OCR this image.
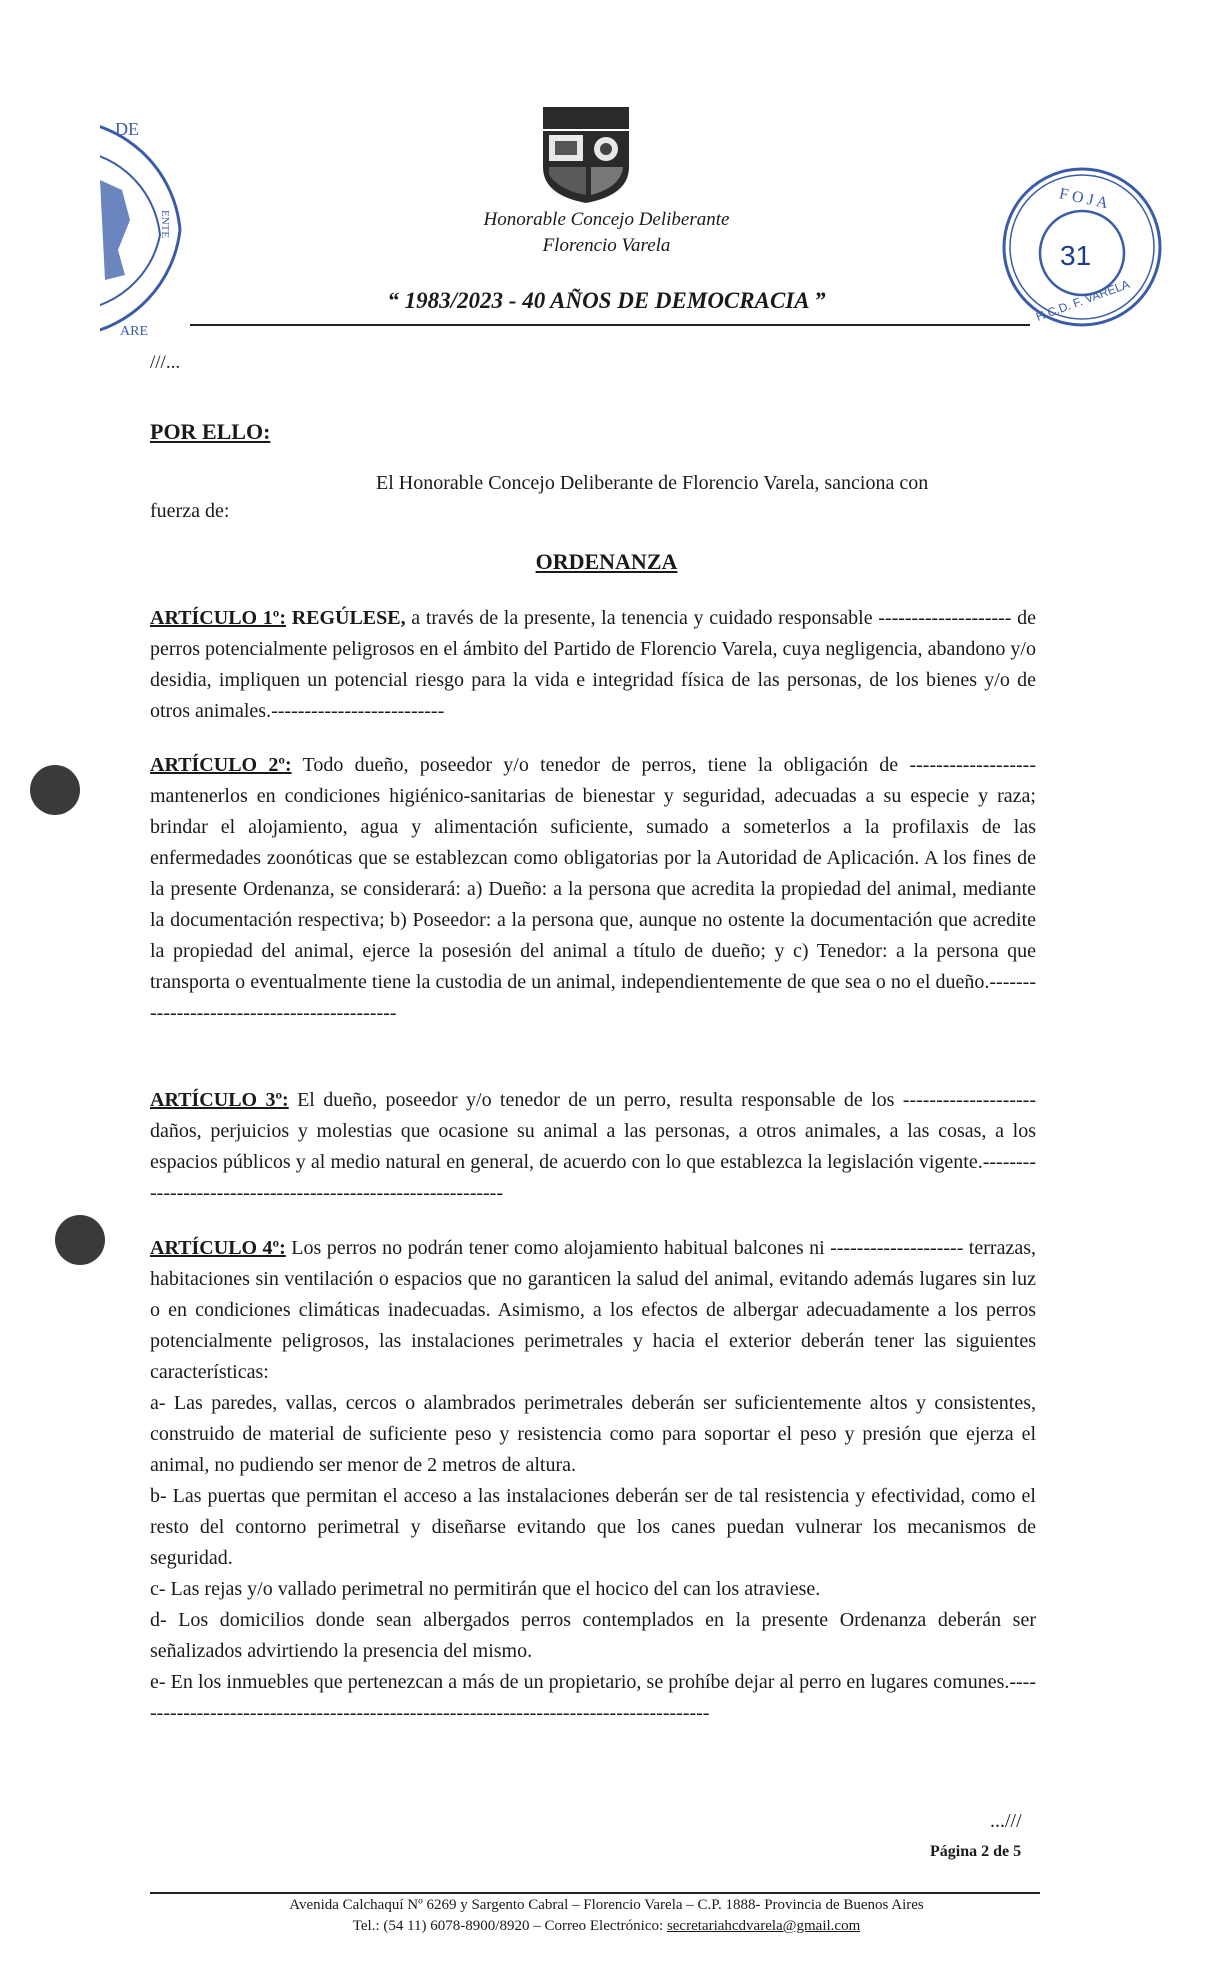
DE
ENTE
ARE
Honorable Concejo Deliberante
Florencio Varela
“ 1983/2023 - 40 AÑOS DE DEMOCRACIA ”
F O J A
31
H.C.D. F. VARELA
///...
POR ELLO:
El Honorable Concejo Deliberante de Florencio Varela, sanciona con
fuerza de:
ORDENANZA
ARTÍCULO 1º: REGÚLESE, a través de la presente, la tenencia y cuidado responsable -------------------- de perros potencialmente peligrosos en el ámbito del Partido de Florencio Varela, cuya negligencia, abandono y/o desidia, impliquen un potencial riesgo para la vida e integridad física de las personas, de los bienes y/o de otros animales.--------------------------
ARTÍCULO 2º: Todo dueño, poseedor y/o tenedor de perros, tiene la obligación de ------------------- mantenerlos en condiciones higiénico-sanitarias de bienestar y seguridad, adecuadas a su especie y raza; brindar el alojamiento, agua y alimentación suficiente, sumado a someterlos a la profilaxis de las enfermedades zoonóticas que se establezcan como obligatorias por la Autoridad de Aplicación. A los fines de la presente Ordenanza, se considerará: a) Dueño: a la persona que acredita la propiedad del animal, mediante la documentación respectiva; b) Poseedor: a la persona que, aunque no ostente la documentación que acredite la propiedad del animal, ejerce la posesión del animal a título de dueño; y c) Tenedor: a la persona que transporta o eventualmente tiene la custodia de un animal, independientemente de que sea o no el dueño.--------------------------------------------
ARTÍCULO 3º: El dueño, poseedor y/o tenedor de un perro, resulta responsable de los -------------------- daños, perjuicios y molestias que ocasione su animal a las personas, a otros animales, a las cosas, a los espacios públicos y al medio natural en general, de acuerdo con lo que establezca la legislación vigente.-------------------------------------------------------------
ARTÍCULO 4º: Los perros no podrán tener como alojamiento habitual balcones ni -------------------- terrazas, habitaciones sin ventilación o espacios que no garanticen la salud del animal, evitando además lugares sin luz o en condiciones climáticas inadecuadas. Asimismo, a los efectos de albergar adecuadamente a los perros potencialmente peligrosos, las instalaciones perimetrales y hacia el exterior deberán tener las siguientes características:
a- Las paredes, vallas, cercos o alambrados perimetrales deberán ser suficientemente altos y consistentes, construido de material de suficiente peso y resistencia como para soportar el peso y presión que ejerza el animal, no pudiendo ser menor de 2 metros de altura.
b- Las puertas que permitan el acceso a las instalaciones deberán ser de tal resistencia y efectividad, como el resto del contorno perimetral y diseñarse evitando que los canes puedan vulnerar los mecanismos de seguridad.
c- Las rejas y/o vallado perimetral no permitirán que el hocico del can los atraviese.
d- Los domicilios donde sean albergados perros contemplados en la presente Ordenanza deberán ser señalizados advirtiendo la presencia del mismo.
e- En los inmuebles que pertenezcan a más de un propietario, se prohíbe dejar al perro en lugares comunes.----------------------------------------------------------------------------------------
...///
Página 2 de 5
Avenida Calchaquí Nº 6269 y Sargento Cabral – Florencio Varela – C.P. 1888- Provincia de Buenos Aires
Tel.: (54 11) 6078-8900/8920 – Correo Electrónico: secretariahcdvarela@gmail.com
